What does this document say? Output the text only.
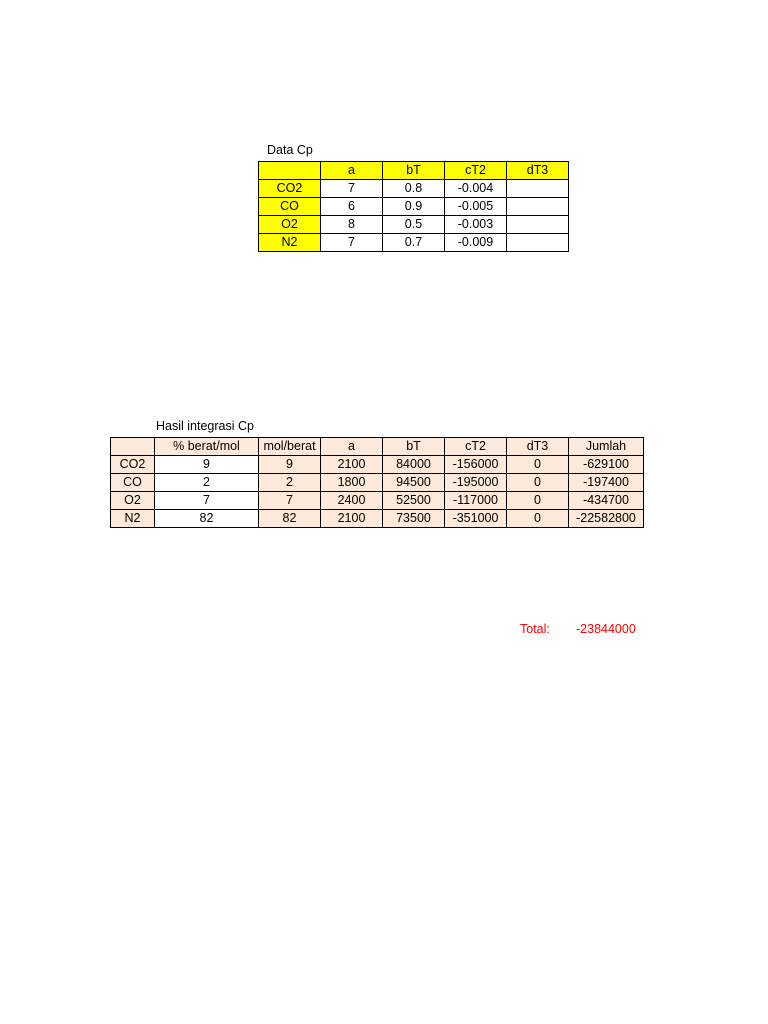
Data Cp
	a	bT	cT2	dT3
CO2	7	0.8	-0.004	
CO	6	0.9	-0.005	
O2	8	0.5	-0.003	
N2	7	0.7	-0.009	
Hasil integrasi Cp
	% berat/mol	mol/berat	a	bT	cT2	dT3	Jumlah
CO2	9	9	2100	84000	-156000	0	-629100
CO	2	2	1800	94500	-195000	0	-197400
O2	7	7	2400	52500	-117000	0	-434700
N2	82	82	2100	73500	-351000	0	-22582800
Total: -23844000
